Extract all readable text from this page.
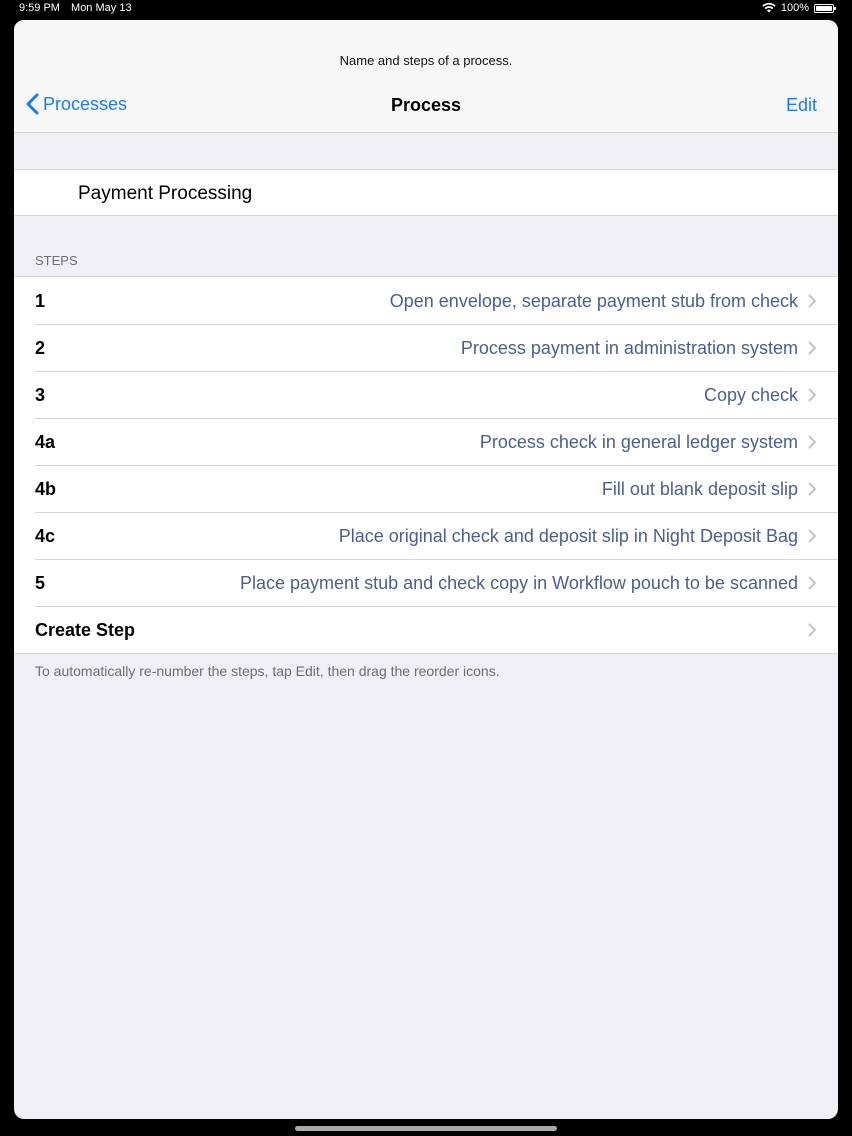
9:59 PM Mon May 13	100%
Name and steps of a process.
Processes	Process	Edit
Payment Processing
STEPS
1	Open envelope, separate payment stub from check
2	Process payment in administration system
3	Copy check
4a	Process check in general ledger system
4b	Fill out blank deposit slip
4c	Place original check and deposit slip in Night Deposit Bag
5	Place payment stub and check copy in Workflow pouch to be scanned
Create Step
To automatically re-number the steps, tap Edit, then drag the reorder icons.
